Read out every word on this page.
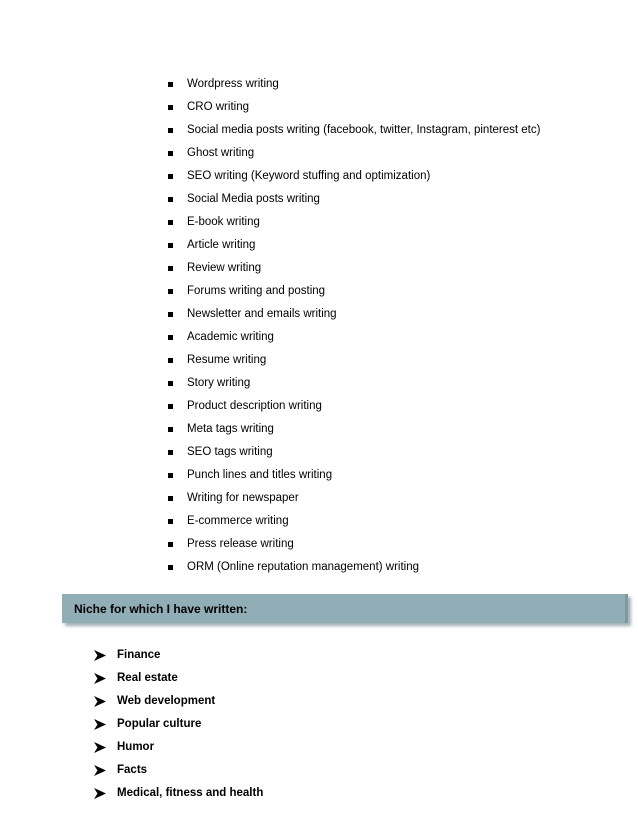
Wordpress writing
CRO writing
Social media posts writing (facebook, twitter, Instagram, pinterest etc)
Ghost writing
SEO writing (Keyword stuffing and optimization)
Social Media posts writing
E-book writing
Article writing
Review writing
Forums writing and posting
Newsletter and emails writing
Academic writing
Resume writing
Story writing
Product description writing
Meta tags writing
SEO tags writing
Punch lines and titles writing
Writing for newspaper
E-commerce writing
Press release writing
ORM (Online reputation management) writing
Niche for which I have written:
Finance
Real estate
Web development
Popular culture
Humor
Facts
Medical, fitness and health
